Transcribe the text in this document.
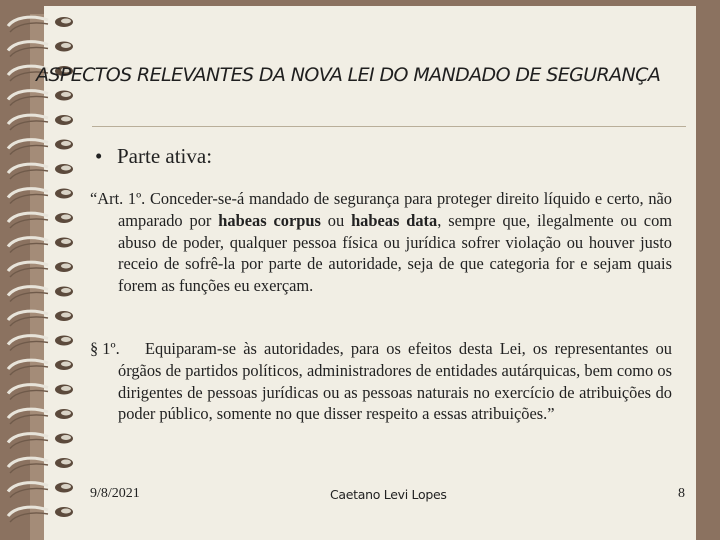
ASPECTOS RELEVANTES DA NOVA LEI DO MANDADO DE SEGURANÇA
• Parte ativa:
“Art. 1º. Conceder-se-á mandado de segurança para proteger direito líquido e certo, não amparado por habeas corpus ou habeas data, sempre que, ilegalmente ou com abuso de poder, qualquer pessoa física ou jurídica sofrer violação ou houver justo receio de sofrê-la por parte de autoridade, seja de que categoria for e sejam quais forem as funções eu exerçam.
§ 1º. Equiparam-se às autoridades, para os efeitos desta Lei, os representantes ou órgãos de partidos políticos, administradores de entidades autárquicas, bem como os dirigentes de pessoas jurídicas ou as pessoas naturais no exercício de atribuições do poder público, somente no que disser respeito a essas atribuições.”
9/8/2021	Caetano Levi Lopes	8
